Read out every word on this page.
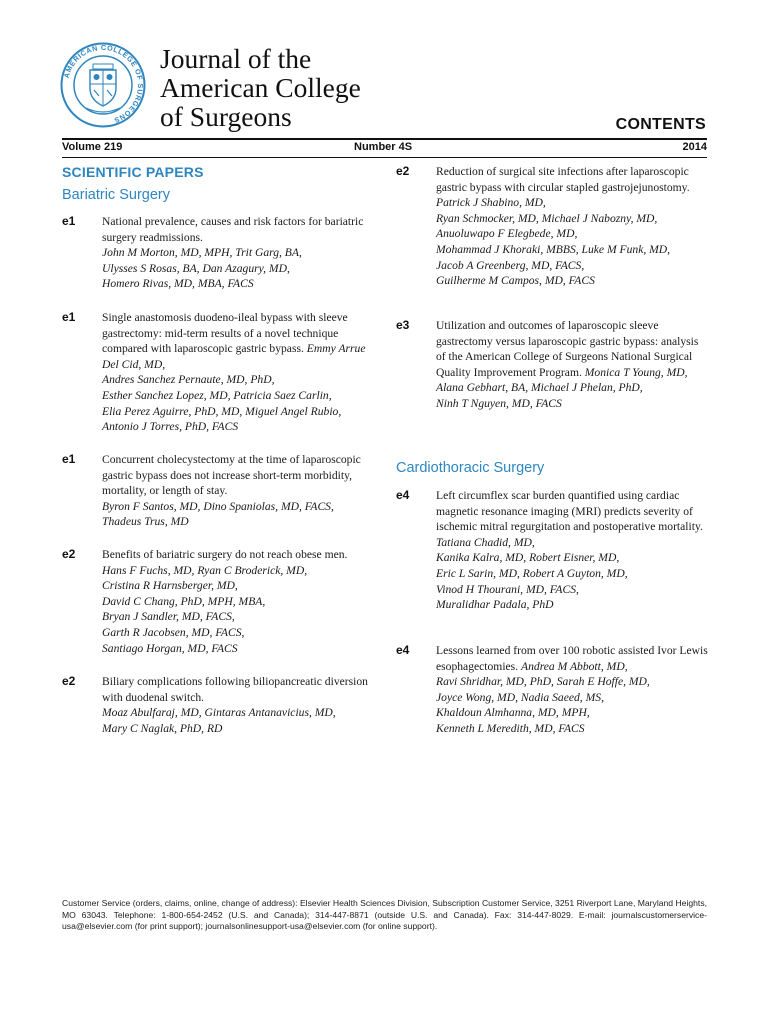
AMERICAN COLLEGE OF SURGEONS
Journal of the
American College
of Surgeons	CONTENTS
Volume 219	Number 4S	2014
SCIENTIFIC PAPERS
Bariatric Surgery
e1 National prevalence, causes and risk factors for bariatric surgery readmissions.
John M Morton, MD, MPH, Trit Garg, BA,
Ulysses S Rosas, BA, Dan Azagury, MD,
Homero Rivas, MD, MBA, FACS
e1 Single anastomosis duodeno-ileal bypass with sleeve gastrectomy: mid-term results of a novel technique compared with laparoscopic gastric bypass. Emmy Arrue Del Cid, MD,
Andres Sanchez Pernaute, MD, PhD,
Esther Sanchez Lopez, MD, Patricia Saez Carlin,
Elia Perez Aguirre, PhD, MD, Miguel Angel Rubio,
Antonio J Torres, PhD, FACS
e1 Concurrent cholecystectomy at the time of laparoscopic gastric bypass does not increase short-term morbidity, mortality, or length of stay.
Byron F Santos, MD, Dino Spaniolas, MD, FACS,
Thadeus Trus, MD
e2 Benefits of bariatric surgery do not reach obese men. Hans F Fuchs, MD, Ryan C Broderick, MD,
Cristina R Harnsberger, MD,
David C Chang, PhD, MPH, MBA,
Bryan J Sandler, MD, FACS,
Garth R Jacobsen, MD, FACS,
Santiago Horgan, MD, FACS
e2 Biliary complications following biliopancreatic diversion with duodenal switch.
Moaz Abulfaraj, MD, Gintaras Antanavicius, MD,
Mary C Naglak, PhD, RD
e2 Reduction of surgical site infections after laparoscopic gastric bypass with circular stapled gastrojejunostomy. Patrick J Shabino, MD,
Ryan Schmocker, MD, Michael J Nabozny, MD,
Anuoluwapo F Elegbede, MD,
Mohammad J Khoraki, MBBS, Luke M Funk, MD,
Jacob A Greenberg, MD, FACS,
Guilherme M Campos, MD, FACS
e3 Utilization and outcomes of laparoscopic sleeve gastrectomy versus laparoscopic gastric bypass: analysis of the American College of Surgeons National Surgical Quality Improvement Program. Monica T Young, MD,
Alana Gebhart, BA, Michael J Phelan, PhD,
Ninh T Nguyen, MD, FACS
Cardiothoracic Surgery
e4 Left circumflex scar burden quantified using cardiac magnetic resonance imaging (MRI) predicts severity of ischemic mitral regurgitation and postoperative mortality. Tatiana Chadid, MD,
Kanika Kalra, MD, Robert Eisner, MD,
Eric L Sarin, MD, Robert A Guyton, MD,
Vinod H Thourani, MD, FACS,
Muralidhar Padala, PhD
e4 Lessons learned from over 100 robotic assisted Ivor Lewis esophagectomies. Andrea M Abbott, MD,
Ravi Shridhar, MD, PhD, Sarah E Hoffe, MD,
Joyce Wong, MD, Nadia Saeed, MS,
Khaldoun Almhanna, MD, MPH,
Kenneth L Meredith, MD, FACS
Customer Service (orders, claims, online, change of address): Elsevier Health Sciences Division, Subscription Customer Service, 3251 Riverport Lane, Maryland Heights, MO 63043. Telephone: 1-800-654-2452 (U.S. and Canada); 314-447-8871 (outside U.S. and Canada). Fax: 314-447-8029. E-mail: journalscustomerservice-usa@elsevier.com (for print support); journalsonlinesupport-usa@elsevier.com (for online support).
